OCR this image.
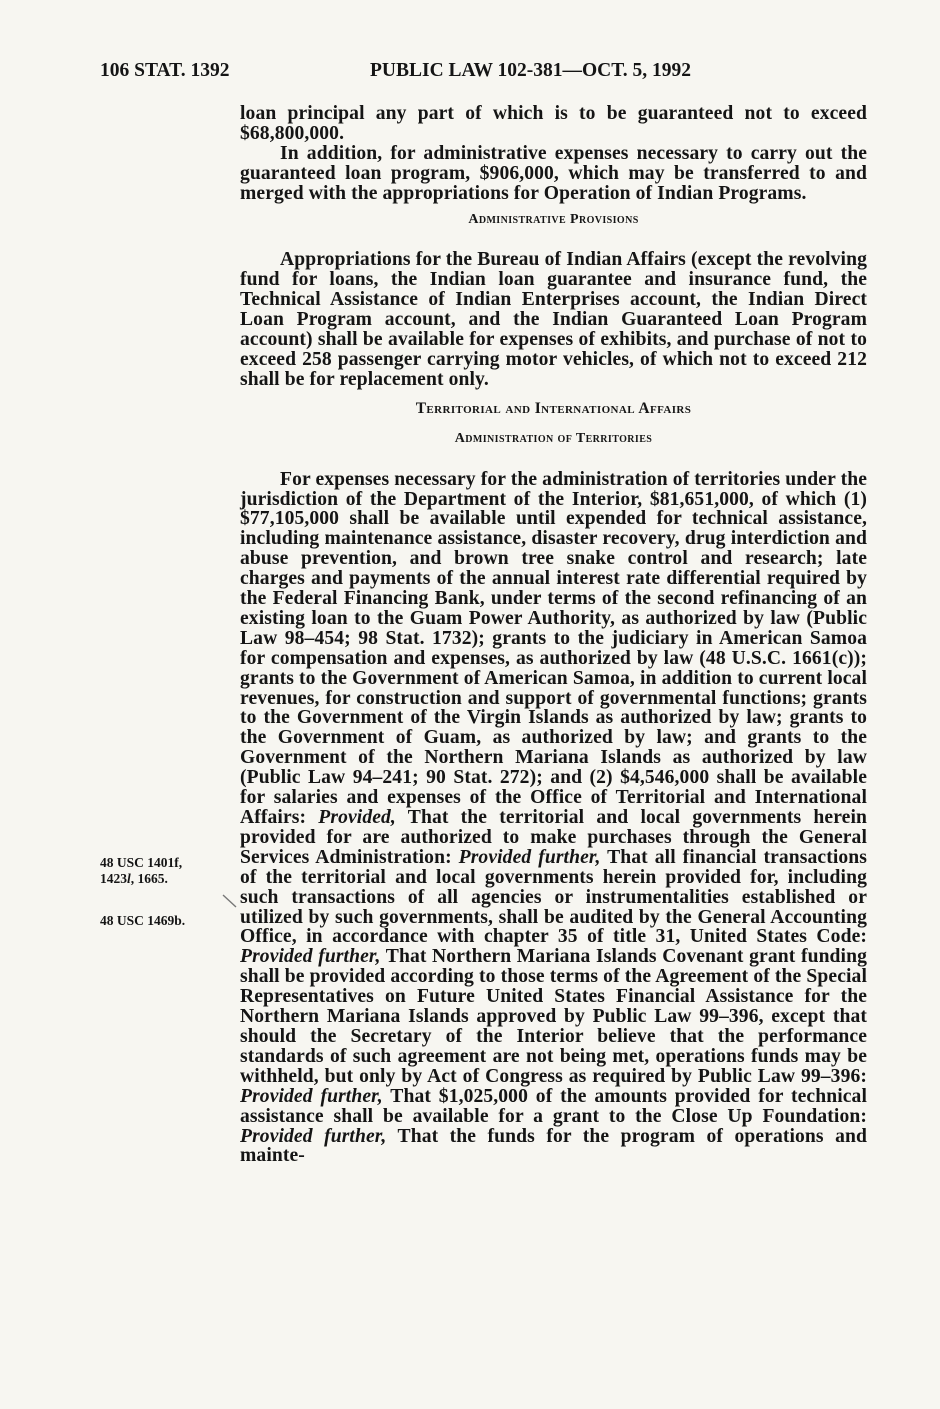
106 STAT. 1392	PUBLIC LAW 102-381—OCT. 5, 1992
48 USC 1401f,
1423l, 1665.
48 USC 1469b.

loan principal any part of which is to be guaranteed not to exceed $68,800,000.

In addition, for administrative expenses necessary to carry out the guaranteed loan program, $906,000, which may be transferred to and merged with the appropriations for Operation of Indian Programs.

Administrative Provisions

Appropriations for the Bureau of Indian Affairs (except the revolving fund for loans, the Indian loan guarantee and insurance fund, the Technical Assistance of Indian Enterprises account, the Indian Direct Loan Program account, and the Indian Guaranteed Loan Program account) shall be available for expenses of exhibits, and purchase of not to exceed 258 passenger carrying motor vehicles, of which not to exceed 212 shall be for replacement only.

Territorial and International Affairs
Administration of Territories

For expenses necessary for the administration of territories under the jurisdiction of the Department of the Interior, $81,651,000, of which (1) $77,105,000 shall be available until expended for technical assistance, including maintenance assistance, disaster recovery, drug interdiction and abuse prevention, and brown tree snake control and research; late charges and payments of the annual interest rate differential required by the Federal Financing Bank, under terms of the second refinancing of an existing loan to the Guam Power Authority, as authorized by law (Public Law 98–454; 98 Stat. 1732); grants to the judiciary in American Samoa for compensation and expenses, as authorized by law (48 U.S.C. 1661(c)); grants to the Government of American Samoa, in addition to current local revenues, for construction and support of governmental functions; grants to the Government of the Virgin Islands as authorized by law; grants to the Government of Guam, as authorized by law; and grants to the Government of the Northern Mariana Islands as authorized by law (Public Law 94–241; 90 Stat. 272); and (2) $4,546,000 shall be available for salaries and expenses of the Office of Territorial and International Affairs: Provided, That the territorial and local governments herein provided for are authorized to make purchases through the General Services Administration: Provided further, That all financial transactions of the territorial and local governments herein provided for, including such transactions of all agencies or instrumentalities established or utilized by such governments, shall be audited by the General Accounting Office, in accordance with chapter 35 of title 31, United States Code: Provided further, That Northern Mariana Islands Covenant grant funding shall be provided according to those terms of the Agreement of the Special Representatives on Future United States Financial Assistance for the Northern Mariana Islands approved by Public Law 99–396, except that should the Secretary of the Interior believe that the performance standards of such agreement are not being met, operations funds may be withheld, but only by Act of Congress as required by Public Law 99–396: Provided further, That $1,025,000 of the amounts provided for technical assistance shall be available for a grant to the Close Up Foundation: Provided further, That the funds for the program of operations and mainte-
